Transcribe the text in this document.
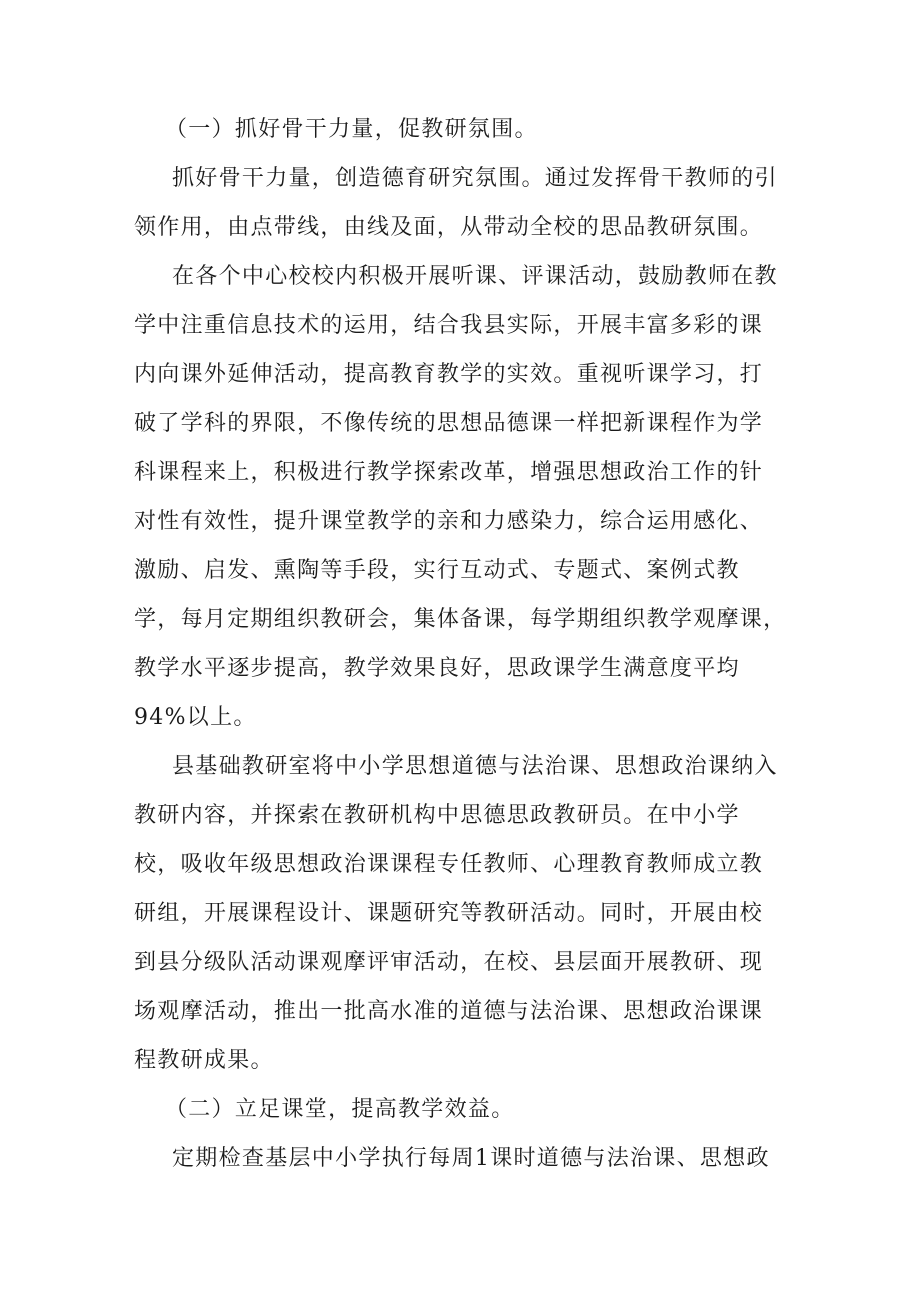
（一）抓好骨干力量，促教研氛围。
抓好骨干力量，创造德育研究氛围。通过发挥骨干教师的引
领作用，由点带线，由线及面，从带动全校的思品教研氛围。
在各个中心校校内积极开展听课、评课活动，鼓励教师在教
学中注重信息技术的运用，结合我县实际，开展丰富多彩的课
内向课外延伸活动，提高教育教学的实效。重视听课学习，打
破了学科的界限，不像传统的思想品德课一样把新课程作为学
科课程来上，积极进行教学探索改革，增强思想政治工作的针
对性有效性，提升课堂教学的亲和力感染力，综合运用感化、
激励、启发、熏陶等手段，实行互动式、专题式、案例式教
学，每月定期组织教研会，集体备课，每学期组织教学观摩课，
教学水平逐步提高，教学效果良好，思政课学生满意度平均
94%以上。
县基础教研室将中小学思想道德与法治课、思想政治课纳入
教研内容，并探索在教研机构中思德思政教研员。在中小学
校，吸收年级思想政治课课程专任教师、心理教育教师成立教
研组，开展课程设计、课题研究等教研活动。同时，开展由校
到县分级队活动课观摩评审活动，在校、县层面开展教研、现
场观摩活动，推出一批高水准的道德与法治课、思想政治课课
程教研成果。
（二）立足课堂，提高教学效益。
定期检查基层中小学执行每周1课时道德与法治课、思想政
